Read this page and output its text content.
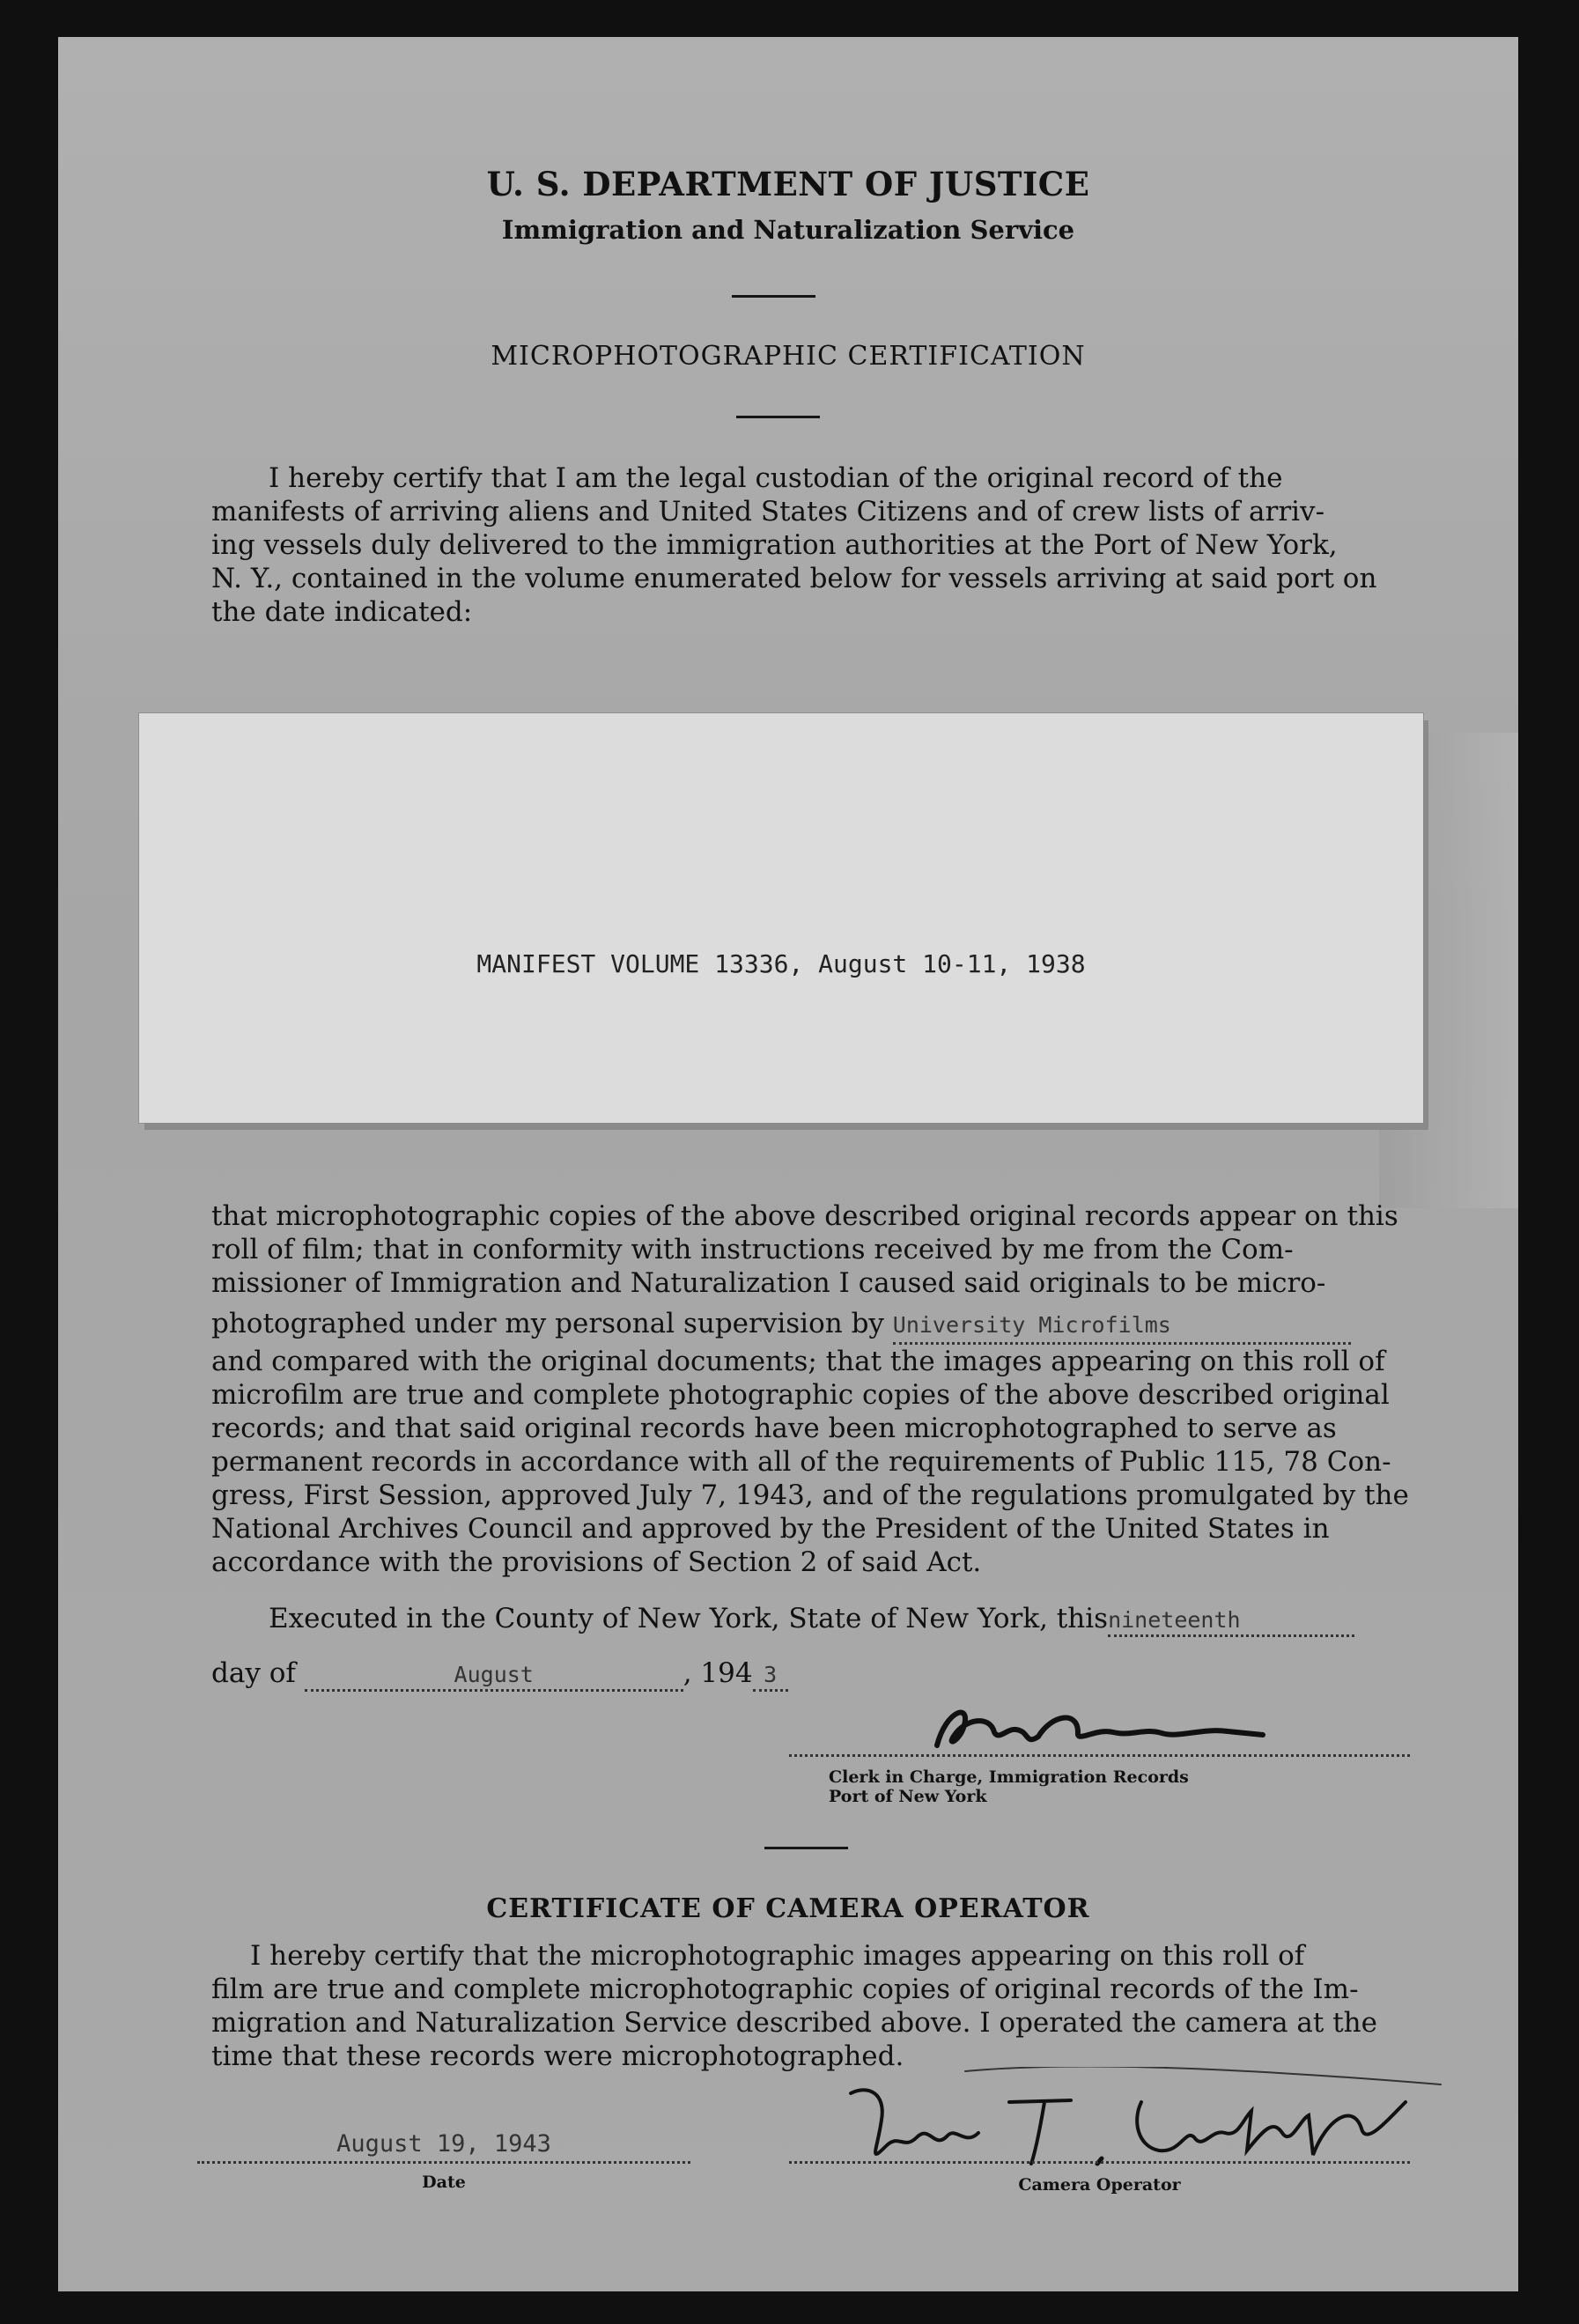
U. S. DEPARTMENT OF JUSTICE
Immigration and Naturalization Service
MICROPHOTOGRAPHIC CERTIFICATION
I hereby certify that I am the legal custodian of the original record of the
manifests of arriving aliens and United States Citizens and of crew lists of arriv-
ing vessels duly delivered to the immigration authorities at the Port of New York,
N. Y., contained in the volume enumerated below for vessels arriving at said port on
the date indicated:
MANIFEST VOLUME 13336, August 10-11, 1938
that microphotographic copies of the above described original records appear on this
roll of film; that in conformity with instructions received by me from the Com-
missioner of Immigration and Naturalization I caused said originals to be micro-
photographed under my personal supervision by University Microfilms
and compared with the original documents; that the images appearing on this roll of
microfilm are true and complete photographic copies of the above described original
records; and that said original records have been microphotographed to serve as
permanent records in accordance with all of the requirements of Public 115, 78 Con-
gress, First Session, approved July 7, 1943, and of the regulations promulgated by the
National Archives Council and approved by the President of the United States in
accordance with the provisions of Section 2 of said Act.
Executed in the County of New York, State of New York, thisnineteenth
day of	August	, 194 3
Clerk in Charge, Immigration Records
Port of New York
CERTIFICATE OF CAMERA OPERATOR
I hereby certify that the microphotographic images appearing on this roll of
film are true and complete microphotographic copies of original records of the Im-
migration and Naturalization Service described above. I operated the camera at the
time that these records were microphotographed.
August 19, 1943
Date	Camera Operator
